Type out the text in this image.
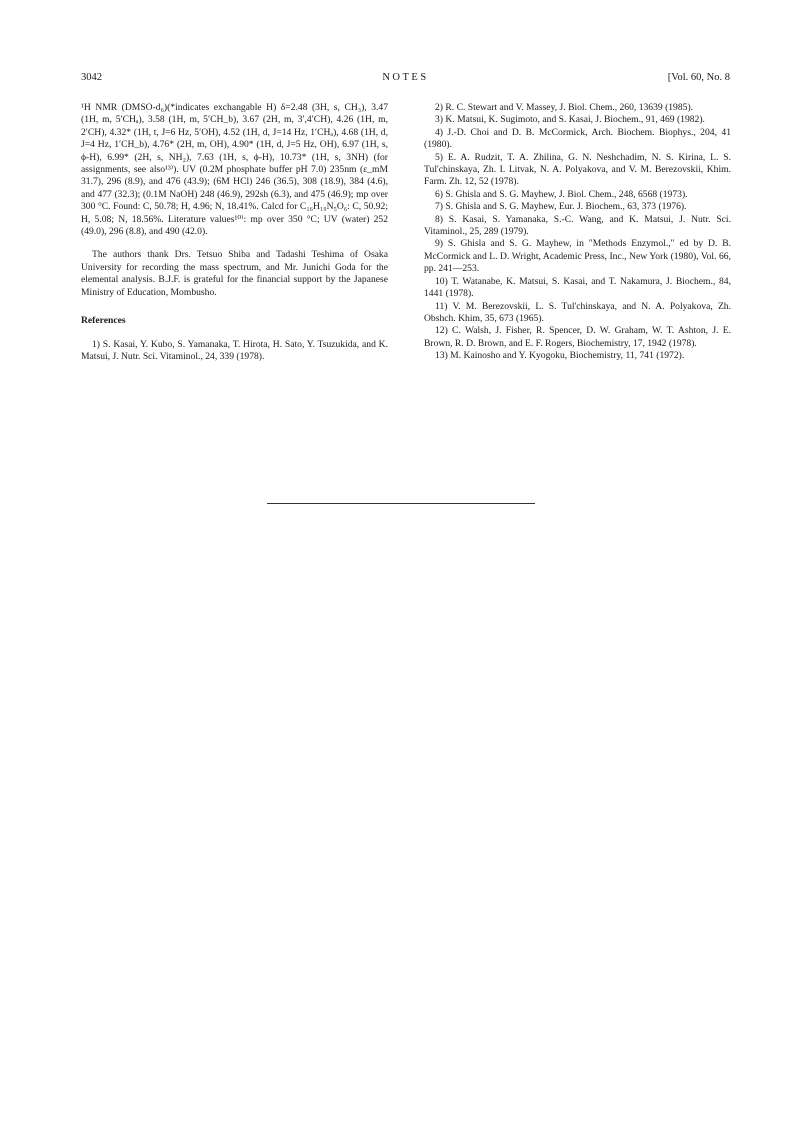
3042	NOTES	[Vol. 60, No. 8

¹H NMR (DMSO-d₆)(*indicates exchangable H) δ=2.48 (3H, s, CH₃), 3.47 (1H, m, 5′CHₐ), 3.58 (1H, m, 5′CH_b), 3.67 (2H, m, 3′,4′CH), 4.26 (1H, m, 2′CH), 4.32* (1H, t, J=6 Hz, 5′OH), 4.52 (1H, d, J=14 Hz, 1′CHₐ), 4.68 (1H, d, J=4 Hz, 1′CH_b), 4.76* (2H, m, OH), 4.90* (1H, d, J=5 Hz, OH), 6.97 (1H, s, ϕ-H), 6.99* (2H, s, NH₂), 7.63 (1H, s, ϕ-H), 10.73* (1H, s, 3NH) (for assignments, see also¹³⁾). UV (0.2M phosphate buffer pH 7.0) 235nm (ε_mM 31.7), 296 (8.9), and 476 (43.9); (6M HCl) 246 (36.5), 308 (18.9), 384 (4.6), and 477 (32.3); (0.1M NaOH) 248 (46.9), 292sh (6.3), and 475 (46.9); mp over 300 °C. Found: C, 50.78; H, 4.96; N, 18.41%. Calcd for C₁₆H₁₉N₅O₆: C, 50.92; H, 5.08; N, 18.56%. Literature values¹⁰⁾: mp over 350 °C; UV (water) 252 (49.0), 296 (8.8), and 490 (42.0).

The authors thank Drs. Tetsuo Shiba and Tadashi Teshima of Osaka University for recording the mass spectrum, and Mr. Junichi Goda for the elemental analysis. B.J.F. is grateful for the financial support by the Japanese Ministry of Education, Mombusho.

References

1) S. Kasai, Y. Kubo, S. Yamanaka, T. Hirota, H. Sato, Y. Tsuzukida, and K. Matsui, J. Nutr. Sci. Vitaminol., 24, 339 (1978).

2) R. C. Stewart and V. Massey, J. Biol. Chem., 260, 13639 (1985).

3) K. Matsui, K. Sugimoto, and S. Kasai, J. Biochem., 91, 469 (1982).

4) J.-D. Choi and D. B. McCormick, Arch. Biochem. Biophys., 204, 41 (1980).

5) E. A. Rudzit, T. A. Zhilina, G. N. Neshchadim, N. S. Kirina, L. S. Tul'chinskaya, Zh. I. Litvak, N. A. Polyakova, and V. M. Berezovskii, Khim. Farm. Zh. 12, 52 (1978).

6) S. Ghisla and S. G. Mayhew, J. Biol. Chem., 248, 6568 (1973).

7) S. Ghisla and S. G. Mayhew, Eur. J. Biochem., 63, 373 (1976).

8) S. Kasai, S. Yamanaka, S.-C. Wang, and K. Matsui, J. Nutr. Sci. Vitaminol., 25, 289 (1979).

9) S. Ghisla and S. G. Mayhew, in "Methods Enzymol.," ed by D. B. McCormick and L. D. Wright, Academic Press, Inc., New York (1980), Vol. 66, pp. 241—253.

10) T. Watanabe, K. Matsui, S. Kasai, and T. Nakamura, J. Biochem., 84, 1441 (1978).

11) V. M. Berezovskii, L. S. Tul'chinskaya, and N. A. Polyakova, Zh. Obshch. Khim, 35, 673 (1965).

12) C. Walsh, J. Fisher, R. Spencer, D. W. Graham, W. T. Ashton, J. E. Brown, R. D. Brown, and E. F. Rogers, Biochemistry, 17, 1942 (1978).

13) M. Kainosho and Y. Kyogoku, Biochemistry, 11, 741 (1972).
